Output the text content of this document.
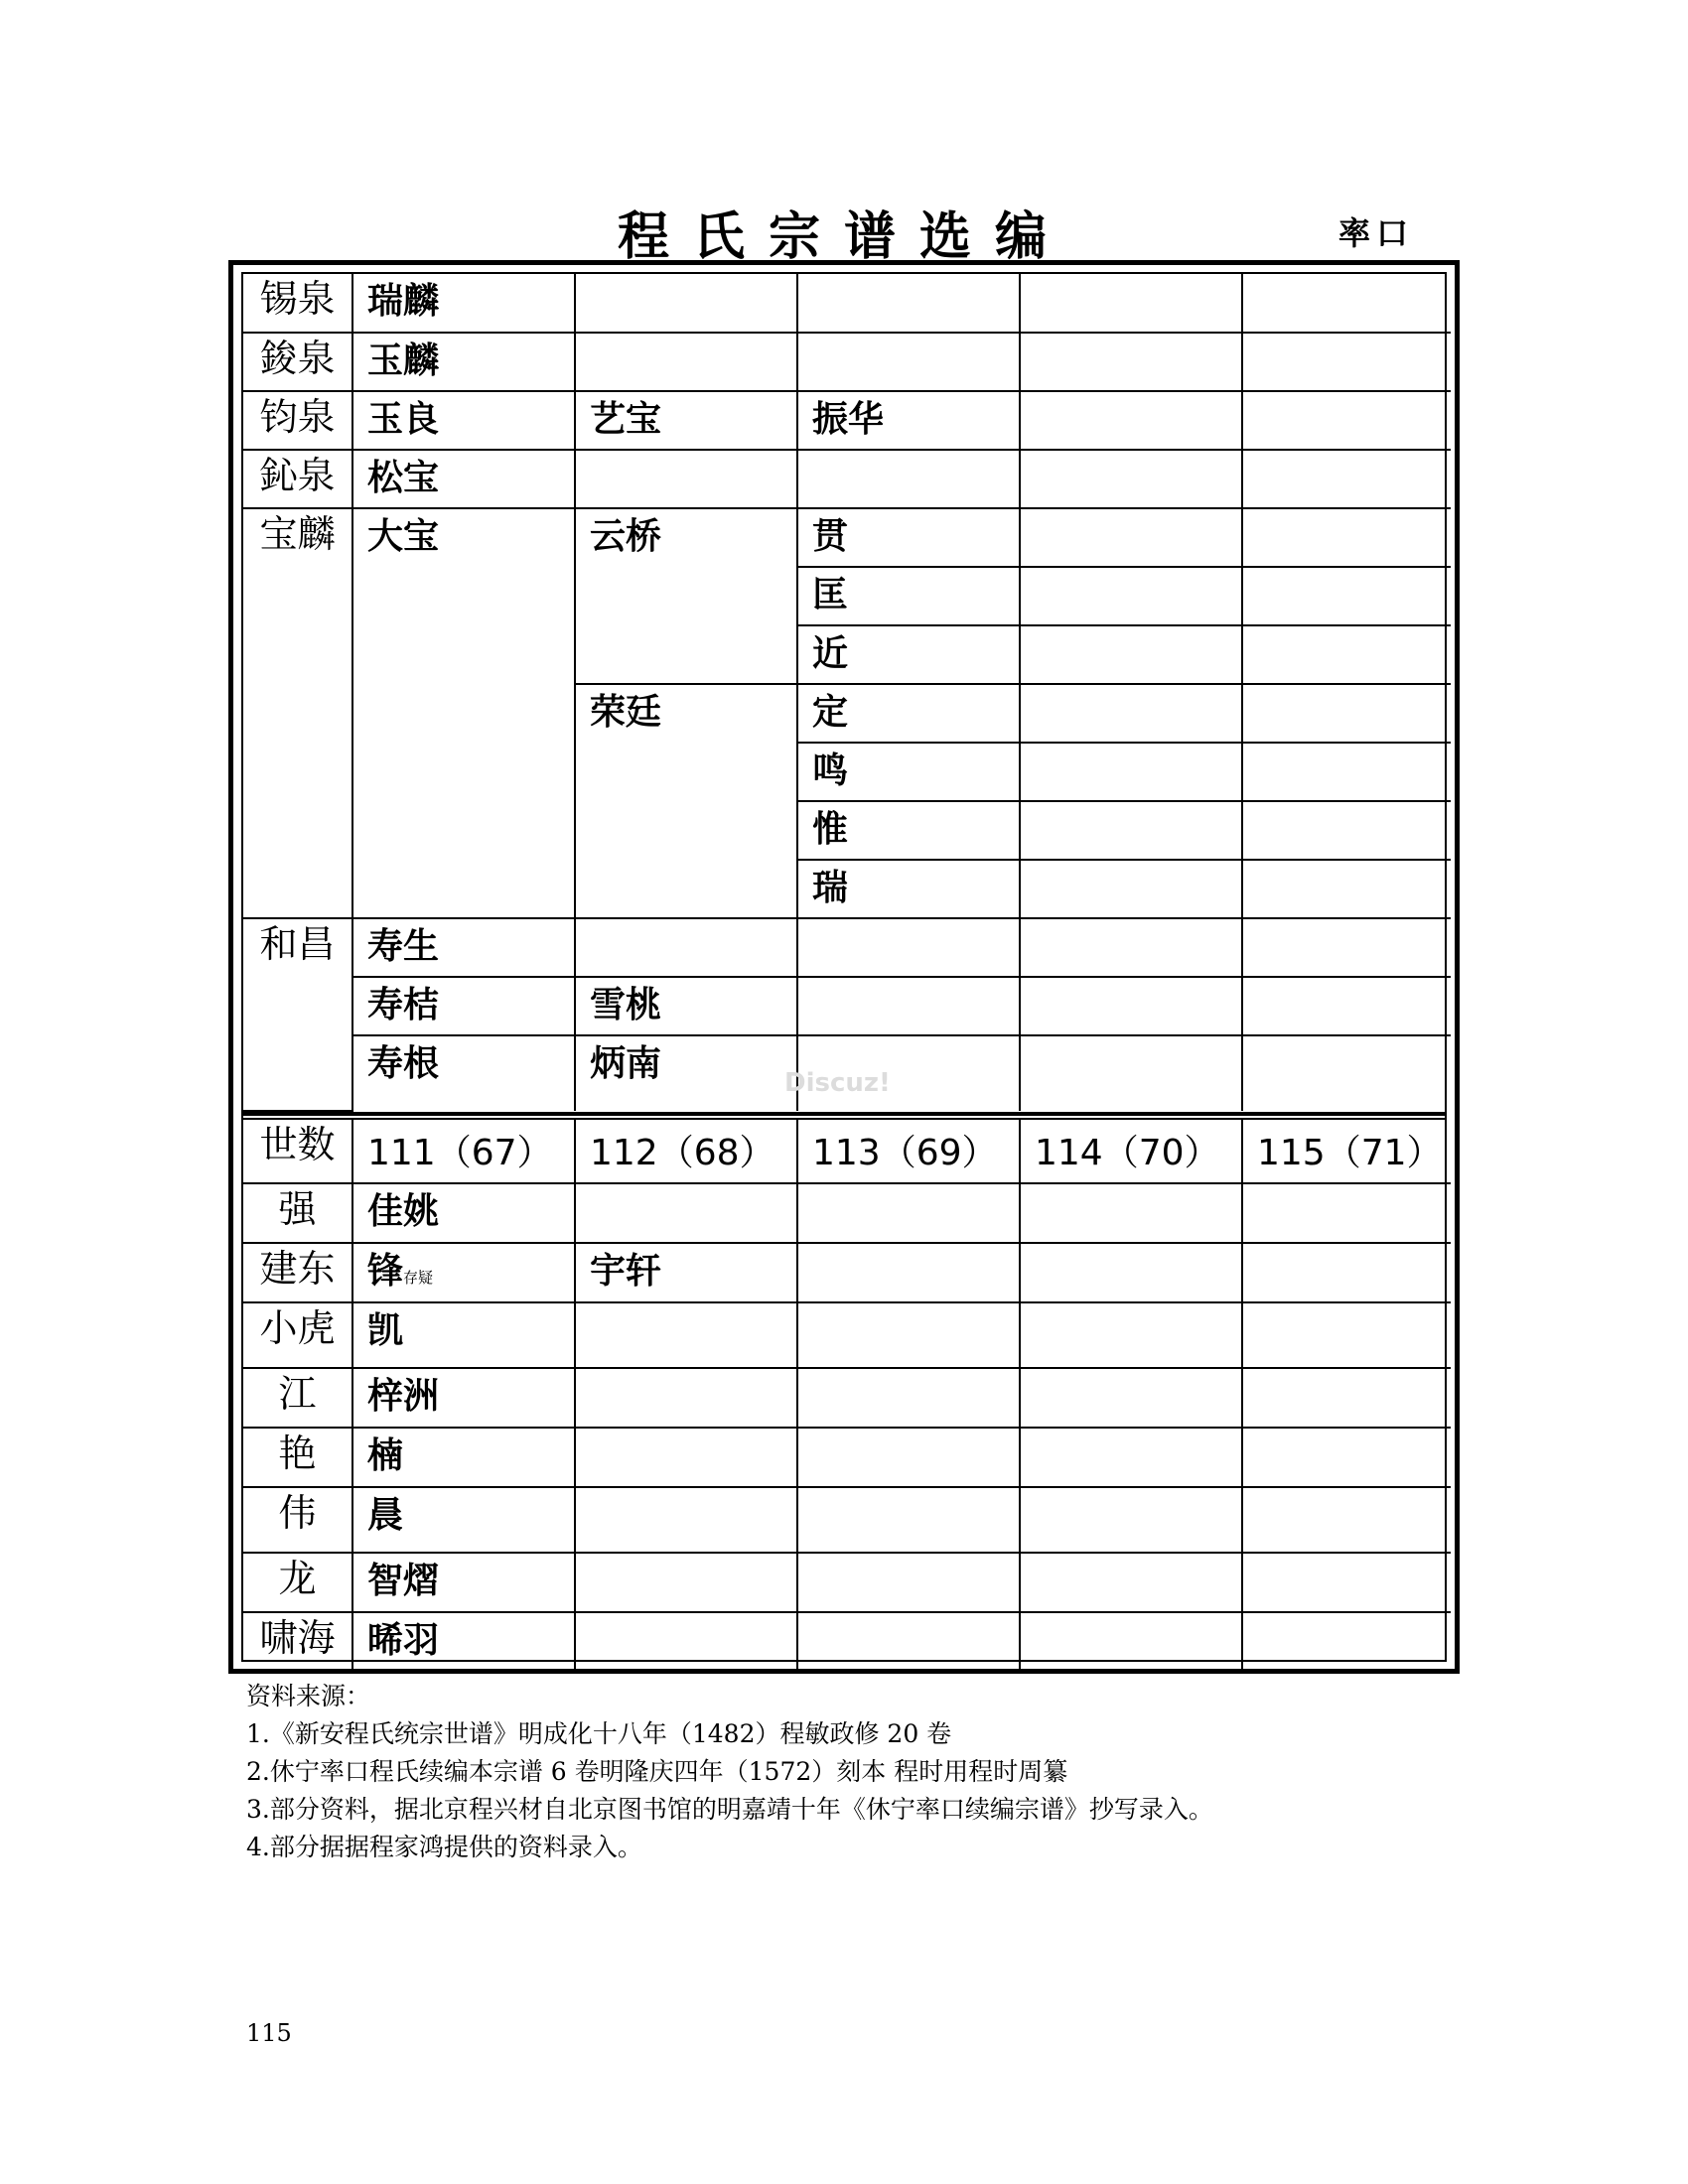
程氏宗谱选编	率口
锡泉	瑞麟				
鋑泉	玉麟				
钧泉	玉良	艺宝	振华		
鈊泉	松宝				
宝麟	大宝	云桥	贯		
			匡		
			近		
		荣廷	定		
			鸣		
			惟		
			瑞		
和昌	寿生				
	寿桔	雪桃			
	寿根	炳南			
世数	111（67）	112（68）	113（69）	114（70）	115（71）
强	佳姚				
建东	锋存疑	宇轩			
小虎	凯				
江	梓洲				
艳	楠				
伟	晨				
龙	智熠				
啸海	晞羽				
Discuz!
资料来源：
1.《新安程氏统宗世谱》明成化十八年（1482）程敏政修 20 卷
2.休宁率口程氏续编本宗谱 6 卷明隆庆四年（1572）刻本 程时用程时周纂
3.部分资料，据北京程兴材自北京图书馆的明嘉靖十年《休宁率口续编宗谱》抄写录入。
4.部分据据程家鸿提供的资料录入。
115
